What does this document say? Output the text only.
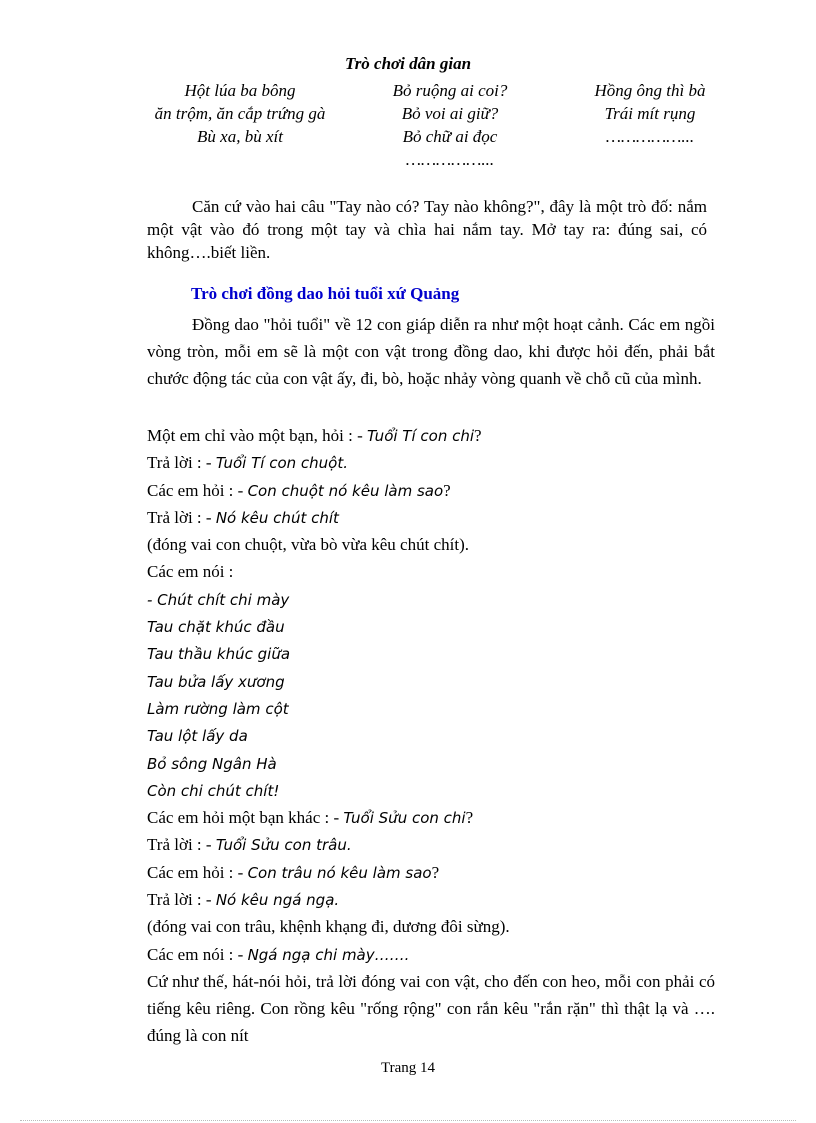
Trò chơi dân gian
Hột lúa ba bông
ăn trộm, ăn cắp trứng gà
Bù xa, bù xít
Bỏ ruộng ai coi?
Bỏ voi ai giữ?
Bỏ chữ ai đọc
……………...
Hồng ông thì bà
Trái mít rụng
……………...
Căn cứ vào hai câu "Tay nào có? Tay nào không?", đây là một trò đố: nắm một vật vào đó trong một tay và chìa hai nắm tay. Mở tay ra: đúng sai, có không….biết liền.
Trò chơi đồng dao hỏi tuổi xứ Quảng
Đồng dao "hỏi tuổi" về 12 con giáp diễn ra như một hoạt cảnh. Các em ngồi vòng tròn, mỗi em sẽ là một con vật trong đồng dao, khi được hỏi đến, phải bắt chước động tác của con vật ấy, đi, bò, hoặc nhảy vòng quanh về chỗ cũ của mình.
Một em chỉ vào một bạn, hỏi : - Tuổi Tí con chi?
Trả lời : - Tuổi Tí con chuột.
Các em hỏi : - Con chuột nó kêu làm sao?
Trả lời : - Nó kêu chút chít
(đóng vai con chuột, vừa bò vừa kêu chút chít).
Các em nói :
- Chút chít chi mày
Tau chặt khúc đầu
Tau thầu khúc giữa
Tau bửa lấy xương
Làm rường làm cột
Tau lột lấy da
Bỏ sông Ngân Hà
Còn chi chút chít!
Các em hỏi một bạn khác : - Tuổi Sửu con chi?
Trả lời : - Tuổi Sửu con trâu.
Các em hỏi : - Con trâu nó kêu làm sao?
Trả lời : - Nó kêu ngá ngạ.
(đóng vai con trâu, khệnh khạng đi, dương đôi sừng).
Các em nói : - Ngá ngạ chi mày…….
Cứ như thế, hát-nói hỏi, trả lời đóng vai con vật, cho đến con heo, mỗi con phải có tiếng kêu riêng. Con rồng kêu "rống rộng" con rắn kêu "rắn rặn" thì thật lạ và …. đúng là con nít
Trang 14
